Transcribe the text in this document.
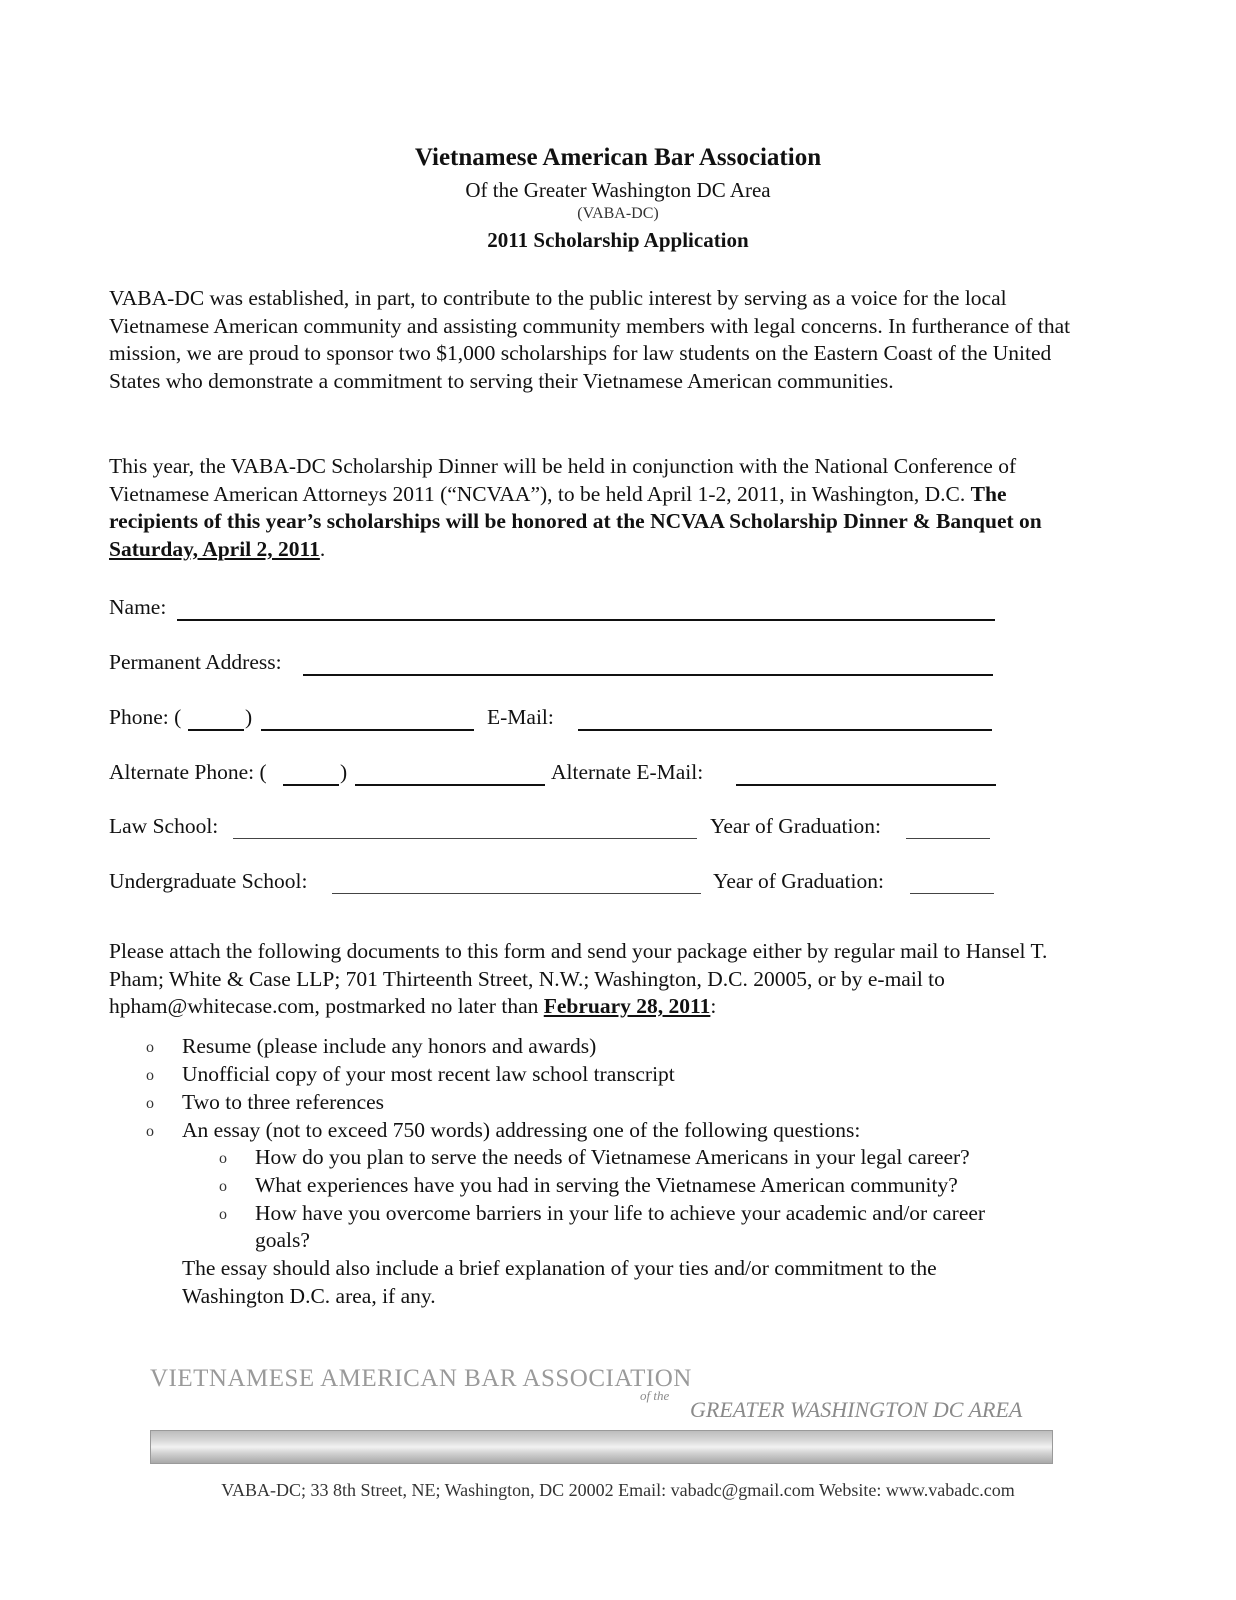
Vietnamese American Bar Association
Of the Greater Washington DC Area
(VABA-DC)
2011 Scholarship Application
VABA-DC was established, in part, to contribute to the public interest by serving as a voice for the local Vietnamese American community and assisting community members with legal concerns. In furtherance of that mission, we are proud to sponsor two $1,000 scholarships for law students on the Eastern Coast of the United States who demonstrate a commitment to serving their Vietnamese American communities.
This year, the VABA-DC Scholarship Dinner will be held in conjunction with the National Conference of Vietnamese American Attorneys 2011 (“NCVAA”), to be held April 1-2, 2011, in Washington, D.C. The recipients of this year’s scholarships will be honored at the NCVAA Scholarship Dinner & Banquet on Saturday, April 2, 2011.
Name:
Permanent Address:
Phone: (	)	E-Mail:
Alternate Phone: (	)	Alternate E-Mail:
Law School:	Year of Graduation:
Undergraduate School:	Year of Graduation:
Please attach the following documents to this form and send your package either by regular mail to Hansel T. Pham; White & Case LLP; 701 Thirteenth Street, N.W.; Washington, D.C. 20005, or by e-mail to hpham@whitecase.com, postmarked no later than February 28, 2011:
o Resume (please include any honors and awards)
o Unofficial copy of your most recent law school transcript
o Two to three references
o An essay (not to exceed 750 words) addressing one of the following questions:
o How do you plan to serve the needs of Vietnamese Americans in your legal career?
o What experiences have you had in serving the Vietnamese American community?
o How have you overcome barriers in your life to achieve your academic and/or career
goals?
The essay should also include a brief explanation of your ties and/or commitment to the
Washington D.C. area, if any.
VIETNAMESE AMERICAN BAR ASSOCIATION
of the
GREATER WASHINGTON DC AREA
VABA-DC; 33 8th Street, NE; Washington, DC 20002 Email: vabadc@gmail.com Website: www.vabadc.com
